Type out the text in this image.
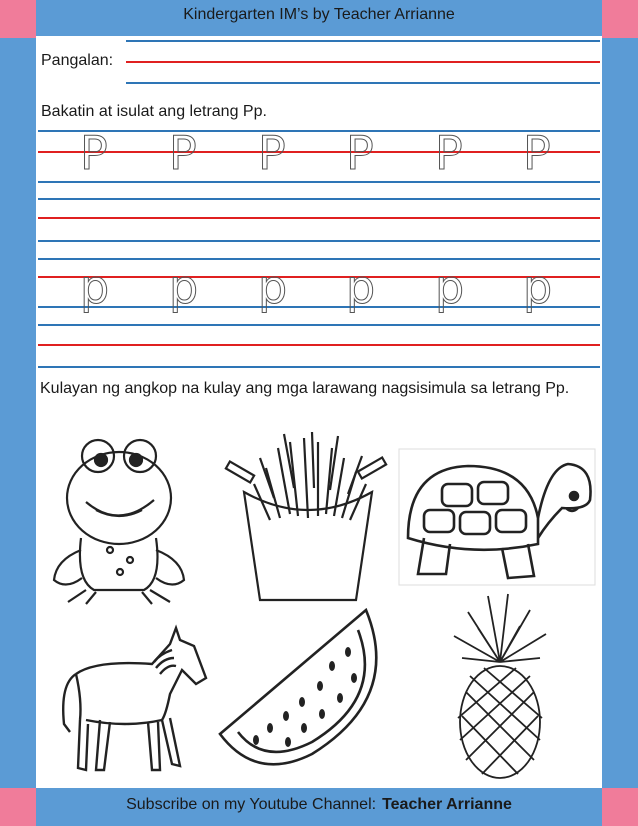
Kindergarten IM’s by Teacher Arrianne
Pangalan:
Bakatin at isulat ang letrang Pp.
P P P P P P
p p p p p p
Kulayan ng angkop na kulay ang mga larawang nagsisimula sa letrang Pp.
Subscribe on my Youtube Channel: Teacher Arrianne
